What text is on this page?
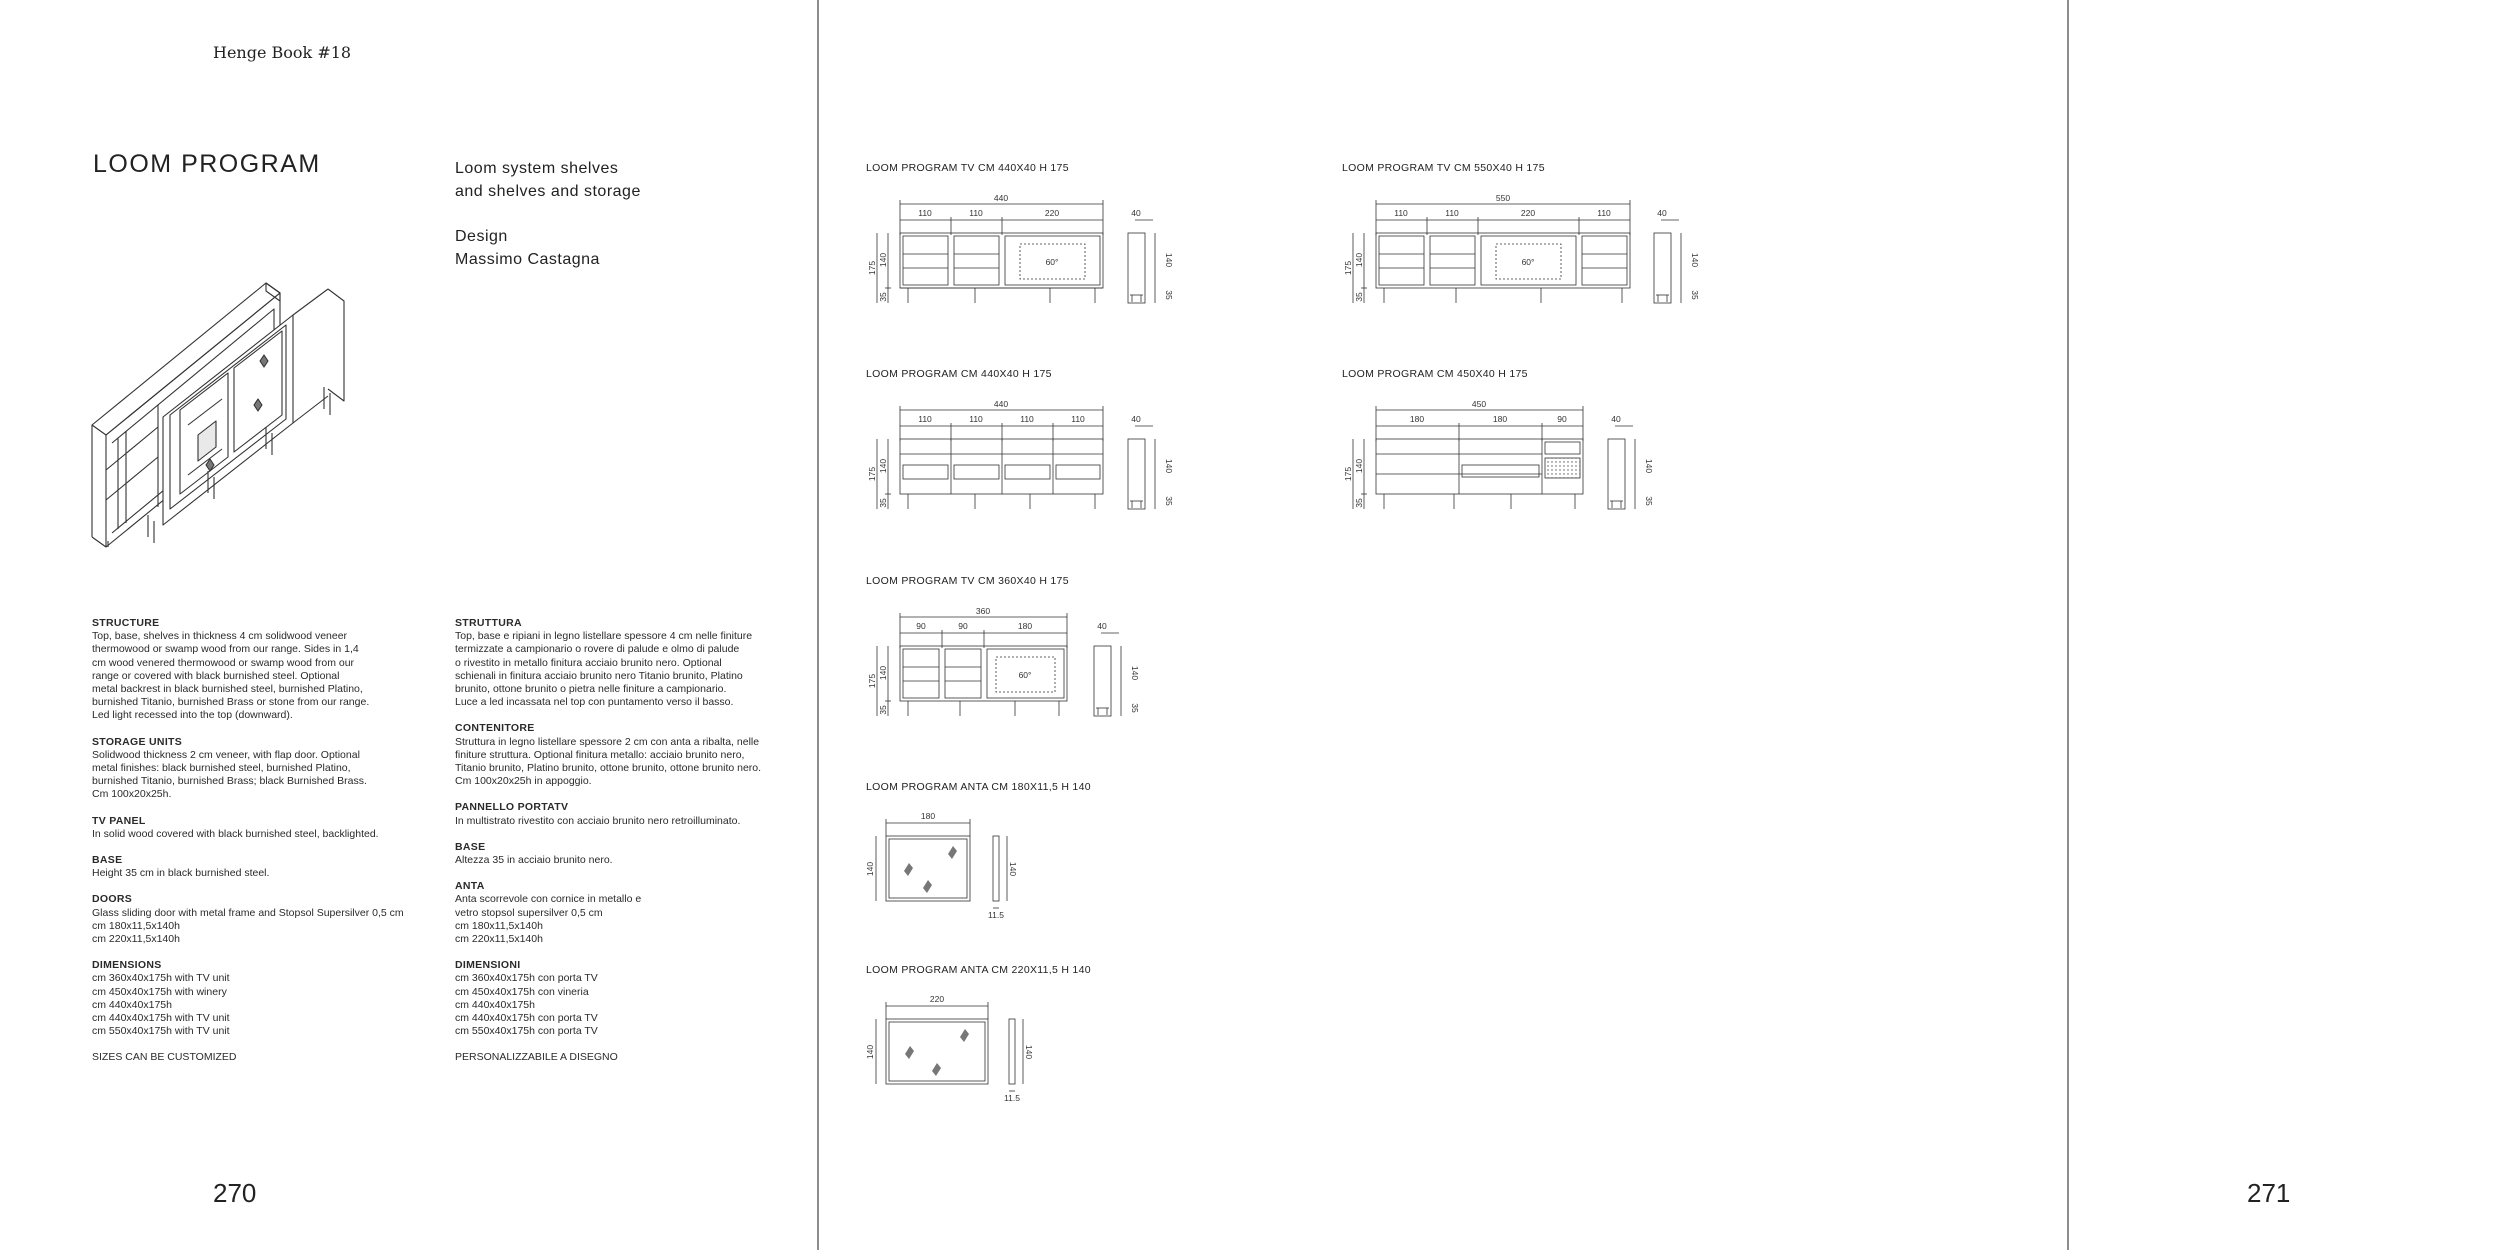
Henge Book #18
270	271
LOOM PROGRAM	Loom system shelves
and shelves and storage
Design
Massimo Castagna
STRUCTURE
Top, base, shelves in thickness 4 cm solidwood veneer
thermowood or swamp wood from our range. Sides in 1,4
cm wood venered thermowood or swamp wood from our
range or covered with black burnished steel. Optional
metal backrest in black burnished steel, burnished Platino,
burnished Titanio, burnished Brass or stone from our range.
Led light recessed into the top (downward).
STORAGE UNITS
Solidwood thickness 2 cm veneer, with flap door. Optional
metal finishes: black burnished steel, burnished Platino,
burnished Titanio, burnished Brass; black Burnished Brass.
Cm 100x20x25h.
TV PANEL
In solid wood covered with black burnished steel, backlighted.
BASE
Height 35 cm in black burnished steel.
DOORS
Glass sliding door with metal frame and Stopsol Supersilver 0,5 cm
cm 180x11,5x140h
cm 220x11,5x140h
DIMENSIONS
cm 360x40x175h with TV unit
cm 450x40x175h with winery
cm 440x40x175h
cm 440x40x175h with TV unit
cm 550x40x175h with TV unit
SIZES CAN BE CUSTOMIZED
STRUTTURA
Top, base e ripiani in legno listellare spessore 4 cm nelle finiture
termizzate a campionario o rovere di palude e olmo di palude
o rivestito in metallo finitura acciaio brunito nero. Optional
schienali in finitura acciaio brunito nero Titanio brunito, Platino
brunito, ottone brunito o pietra nelle finiture a campionario.
Luce a led incassata nel top con puntamento verso il basso.
CONTENITORE
Struttura in legno listellare spessore 2 cm con anta a ribalta, nelle
finiture struttura. Optional finitura metallo: acciaio brunito nero,
Titanio brunito, Platino brunito, ottone brunito, ottone brunito nero.
Cm 100x20x25h in appoggio.
PANNELLO PORTATV
In multistrato rivestito con acciaio brunito nero retroilluminato.
BASE
Altezza 35 in acciaio brunito nero.
ANTA
Anta scorrevole con cornice in metallo e
vetro stopsol supersilver 0,5 cm
cm 180x11,5x140h
cm 220x11,5x140h
DIMENSIONI
cm 360x40x175h con porta TV
cm 450x40x175h con vineria
cm 440x40x175h
cm 440x40x175h con porta TV
cm 550x40x175h con porta TV
PERSONALIZZABILE A DISEGNO
LOOM PROGRAM TV CM 440X40 H 175
440
110	110	220
60°
40
175
140
35
140
35
LOOM PROGRAM TV CM 550X40 H 175
550
110	110	220	110
60°
40
175
140
35
140
35
LOOM PROGRAM CM 440X40 H 175
440
110	110	110	110	40
175
140
35
140
35
LOOM PROGRAM CM 450X40 H 175
450
180	180	90	40
175
140
35
140
35
LOOM PROGRAM TV CM 360X40 H 175
360
90	90	180
60°
40
175
140
35
140
35
LOOM PROGRAM ANTA CM 180X11,5 H 140
180
140	140
11.5
LOOM PROGRAM ANTA CM 220X11,5 H 140
220
140	140
11.5
